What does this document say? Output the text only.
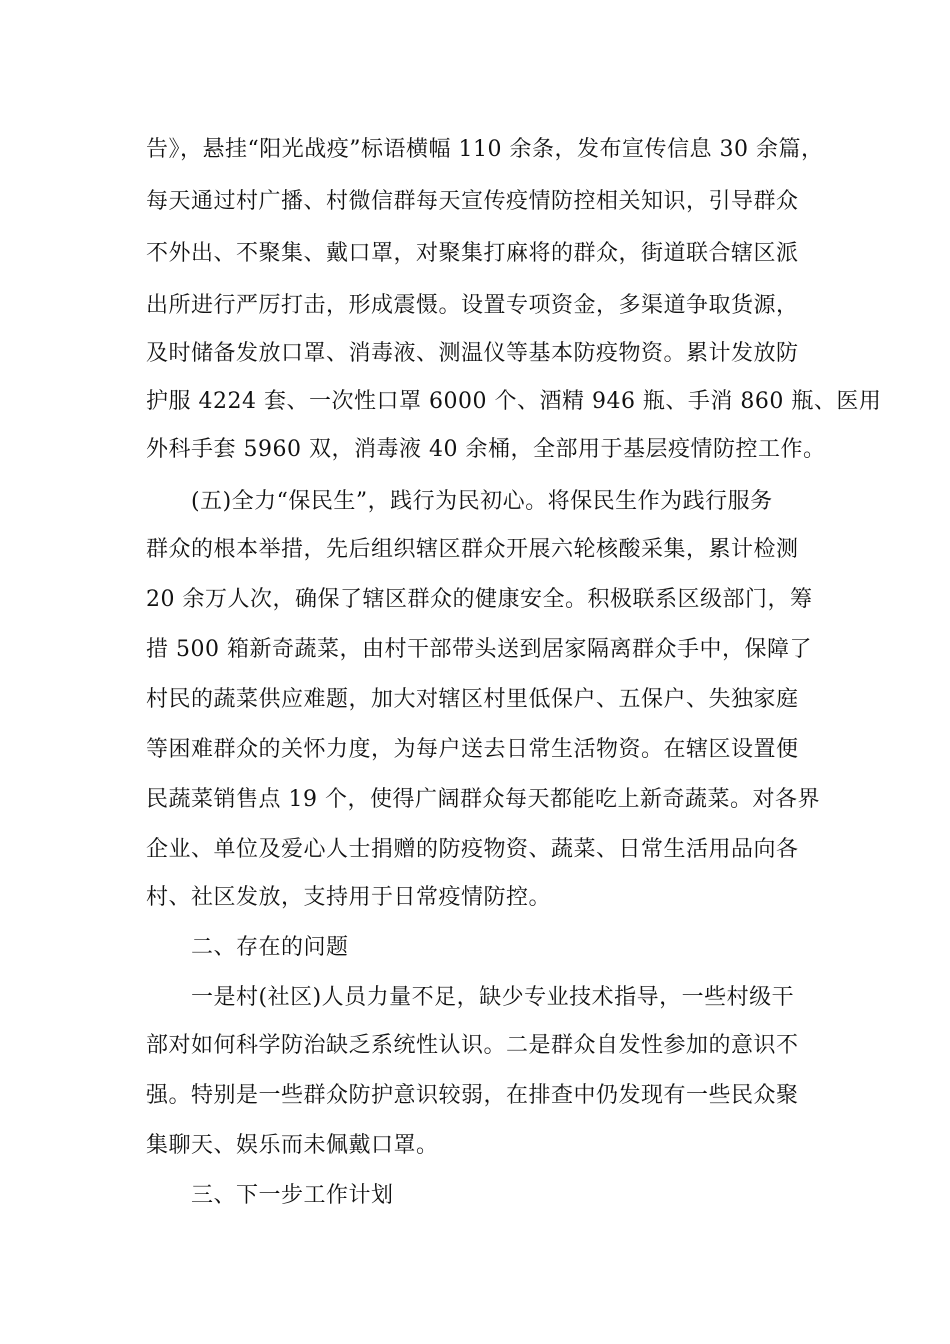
告》，悬挂“阳光战疫”标语横幅 110 余条，发布宣传信息 30 余篇，
每天通过村广播、村微信群每天宣传疫情防控相关知识，引导群众
不外出、不聚集、戴口罩，对聚集打麻将的群众，街道联合辖区派
出所进行严厉打击，形成震慑。设置专项资金，多渠道争取货源，
及时储备发放口罩、消毒液、测温仪等基本防疫物资。累计发放防
护服 4224 套、一次性口罩 6000 个、酒精 946 瓶、手消 860 瓶、医用
外科手套 5960 双，消毒液 40 余桶，全部用于基层疫情防控工作。
(五)全力“保民生”，践行为民初心。将保民生作为践行服务
群众的根本举措，先后组织辖区群众开展六轮核酸采集，累计检测
20 余万人次，确保了辖区群众的健康安全。积极联系区级部门，筹
措 500 箱新奇蔬菜，由村干部带头送到居家隔离群众手中，保障了
村民的蔬菜供应难题，加大对辖区村里低保户、五保户、失独家庭
等困难群众的关怀力度，为每户送去日常生活物资。在辖区设置便
民蔬菜销售点 19 个，使得广阔群众每天都能吃上新奇蔬菜。对各界
企业、单位及爱心人士捐赠的防疫物资、蔬菜、日常生活用品向各
村、社区发放，支持用于日常疫情防控。
二、存在的问题
一是村(社区)人员力量不足，缺少专业技术指导，一些村级干
部对如何科学防治缺乏系统性认识。二是群众自发性参加的意识不
强。特别是一些群众防护意识较弱，在排查中仍发现有一些民众聚
集聊天、娱乐而未佩戴口罩。
三、下一步工作计划
